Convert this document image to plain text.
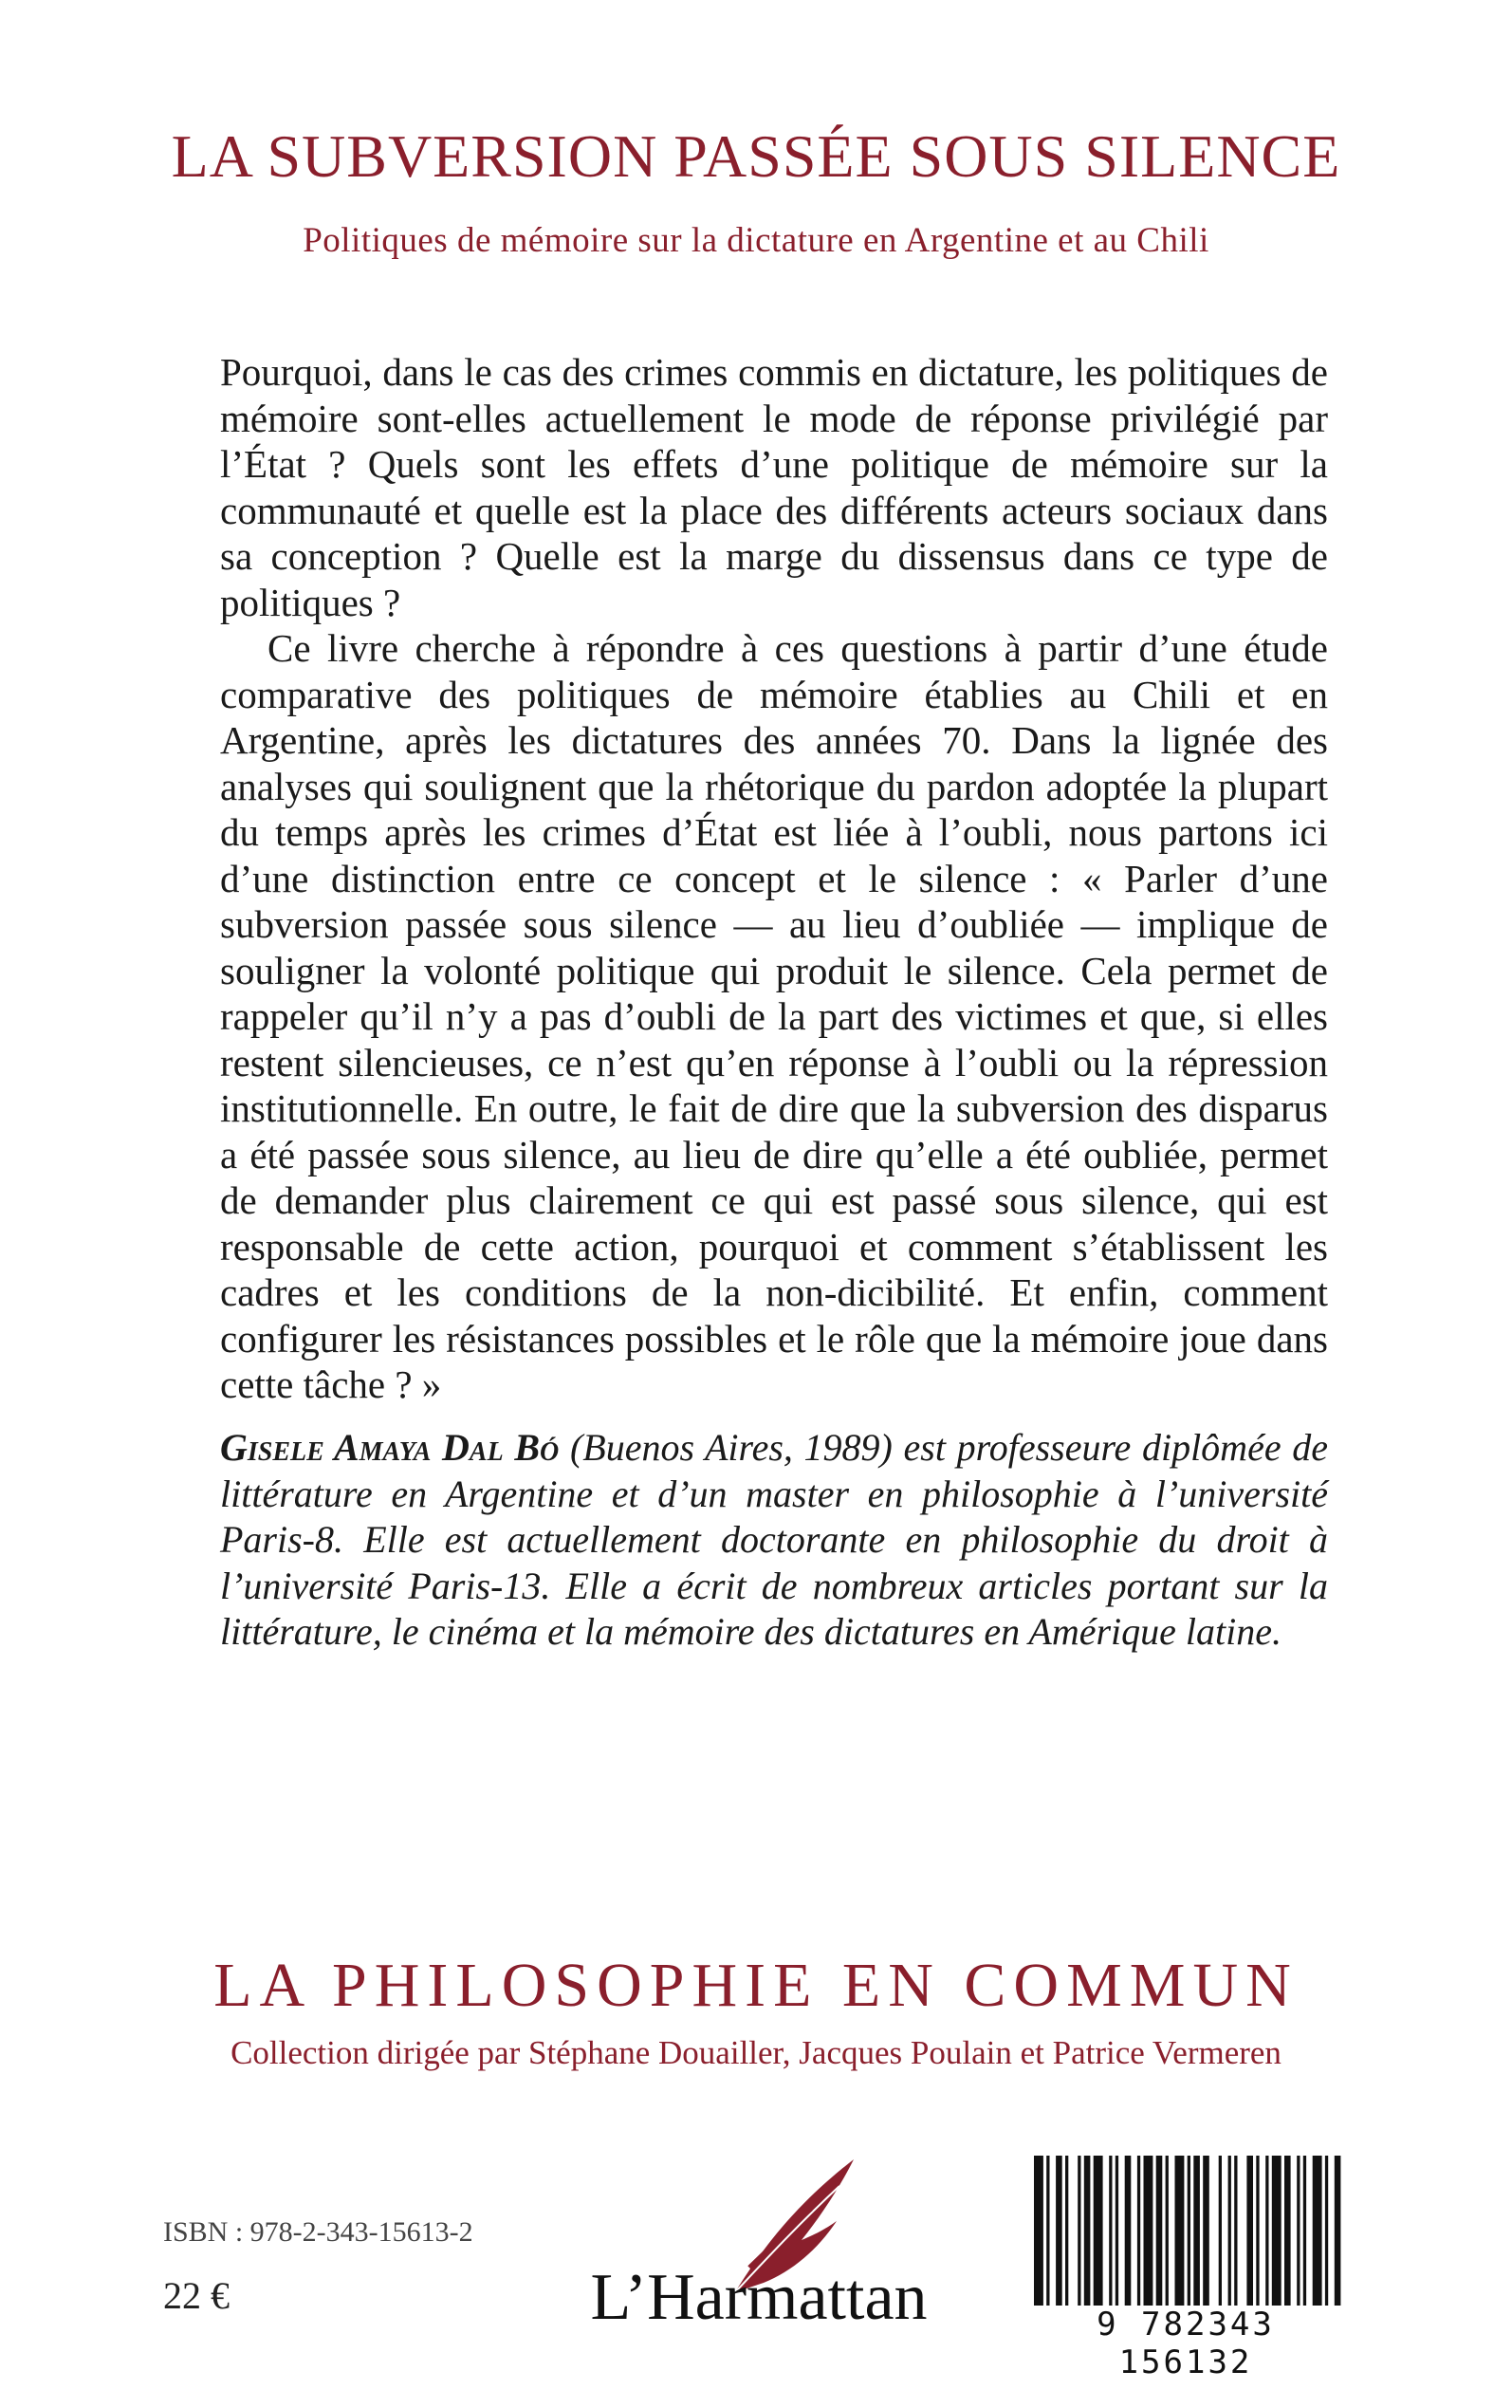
LA SUBVERSION PASSÉE SOUS SILENCE
Politiques de mémoire sur la dictature en Argentine et au Chili

Pourquoi, dans le cas des crimes commis en dictature, les politiques de mémoire sont-elles actuellement le mode de réponse privilégié par l’État ? Quels sont les effets d’une politique de mémoire sur la communauté et quelle est la place des différents acteurs sociaux dans sa conception ? Quelle est la marge du dissensus dans ce type de politiques ?

Ce livre cherche à répondre à ces questions à partir d’une étude comparative des politiques de mémoire établies au Chili et en Argentine, après les dictatures des années 70. Dans la lignée des analyses qui soulignent que la rhétorique du pardon adoptée la plupart du temps après les crimes d’État est liée à l’oubli, nous partons ici d’une distinction entre ce concept et le silence : « Parler d’une subversion passée sous silence — au lieu d’oubliée — implique de souligner la volonté politique qui produit le silence. Cela permet de rappeler qu’il n’y a pas d’oubli de la part des victimes et que, si elles restent silencieuses, ce n’est qu’en réponse à l’oubli ou la répression institutionnelle. En outre, le fait de dire que la subversion des disparus a été passée sous silence, au lieu de dire qu’elle a été oubliée, permet de demander plus clairement ce qui est passé sous silence, qui est responsable de cette action, pourquoi et comment s’établissent les cadres et les conditions de la non-dicibilité. Et enfin, comment configurer les résistances possibles et le rôle que la mémoire joue dans cette tâche ? »

Gisele Amaya Dal Bó (Buenos Aires, 1989) est professeure diplômée de littérature en Argentine et d’un master en philosophie à l’université Paris-8. Elle est actuellement doctorante en philosophie du droit à l’université Paris-13. Elle a écrit de nombreux articles portant sur la littérature, le cinéma et la mémoire des dictatures en Amérique latine.
LA PHILOSOPHIE EN COMMUN
Collection dirigée par Stéphane Douailler, Jacques Poulain et Patrice Vermeren
ISBN : 978-2-343-15613-2
22 €	L’Harmattan	9 782343 156132
